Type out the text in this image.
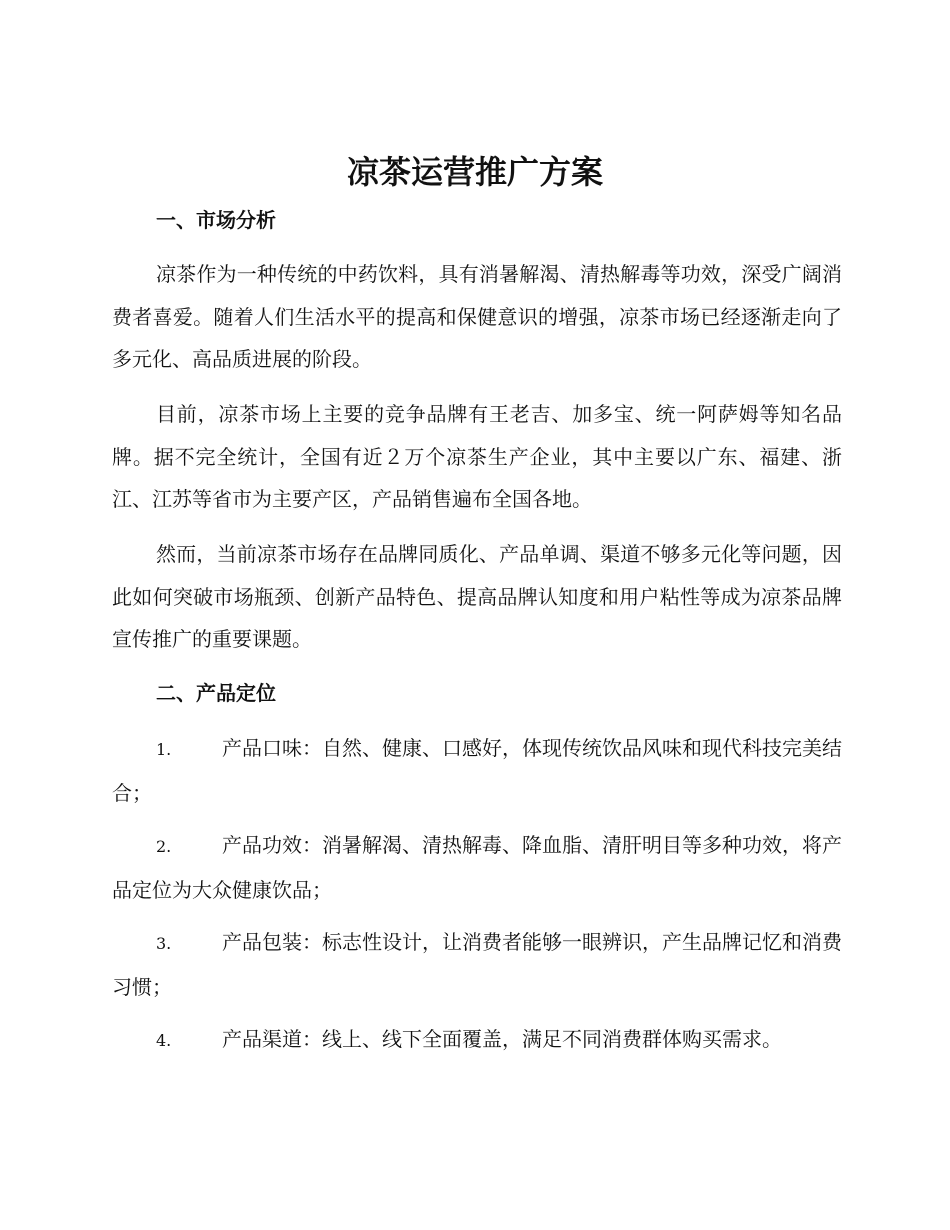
凉茶运营推广方案
一、市场分析

凉茶作为一种传统的中药饮料，具有消暑解渴、清热解毒等功效，深受广阔消费者喜爱。随着人们生活水平的提高和保健意识的增强，凉茶市场已经逐渐走向了多元化、高品质进展的阶段。

目前，凉茶市场上主要的竞争品牌有王老吉、加多宝、统一阿萨姆等知名品牌。据不完全统计，全国有近２万个凉茶生产企业，其中主要以广东、福建、浙江、江苏等省市为主要产区，产品销售遍布全国各地。

然而，当前凉茶市场存在品牌同质化、产品单调、渠道不够多元化等问题，因此如何突破市场瓶颈、创新产品特色、提高品牌认知度和用户粘性等成为凉茶品牌宣传推广的重要课题。

二、产品定位

1.	产品口味：自然、健康、口感好，体现传统饮品风味和现代科技完美结合；

2.	产品功效：消暑解渴、清热解毒、降血脂、清肝明目等多种功效，将产品定位为大众健康饮品；

3.	产品包装：标志性设计，让消费者能够一眼辨识，产生品牌记忆和消费习惯；

4.	产品渠道：线上、线下全面覆盖，满足不同消费群体购买需求。
